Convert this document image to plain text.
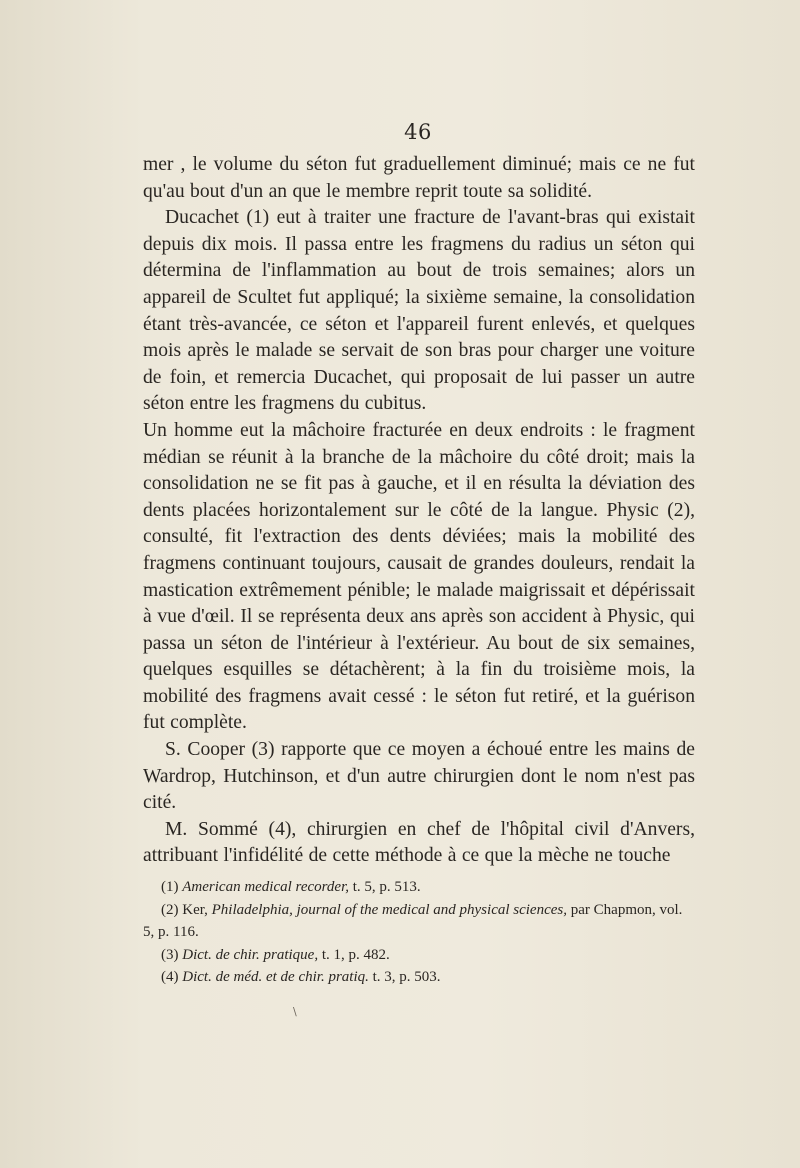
46

mer , le volume du séton fut graduellement diminué; mais ce ne fut qu'au bout d'un an que le membre reprit toute sa solidité.

Ducachet (1) eut à traiter une fracture de l'avant-bras qui existait depuis dix mois. Il passa entre les fragmens du radius un séton qui détermina de l'inflammation au bout de trois semaines; alors un appareil de Scultet fut appliqué; la sixième semaine, la consolidation étant très-avancée, ce séton et l'appareil furent enlevés, et quelques mois après le malade se servait de son bras pour charger une voiture de foin, et remercia Ducachet, qui proposait de lui passer un autre séton entre les fragmens du cubitus.

Un homme eut la mâchoire fracturée en deux endroits : le fragment médian se réunit à la branche de la mâchoire du côté droit; mais la consolidation ne se fit pas à gauche, et il en résulta la déviation des dents placées horizontalement sur le côté de la langue. Physic (2), consulté, fit l'extraction des dents déviées; mais la mobilité des fragmens continuant toujours, causait de grandes douleurs, rendait la mastication extrêmement pénible; le malade maigrissait et dépérissait à vue d'œil. Il se représenta deux ans après son accident à Physic, qui passa un séton de l'intérieur à l'extérieur. Au bout de six semaines, quelques esquilles se détachèrent; à la fin du troisième mois, la mobilité des fragmens avait cessé : le séton fut retiré, et la guérison fut complète.

S. Cooper (3) rapporte que ce moyen a échoué entre les mains de Wardrop, Hutchinson, et d'un autre chirurgien dont le nom n'est pas cité.

M. Sommé (4), chirurgien en chef de l'hôpital civil d'Anvers, attribuant l'infidélité de cette méthode à ce que la mèche ne touche

(1) American medical recorder, t. 5, p. 513.

(2) Ker, Philadelphia, journal of the medical and physical sciences, par Chapmon, vol. 5, p. 116.

(3) Dict. de chir. pratique, t. 1, p. 482.

(4) Dict. de méd. et de chir. pratiq. t. 3, p. 503.

\
